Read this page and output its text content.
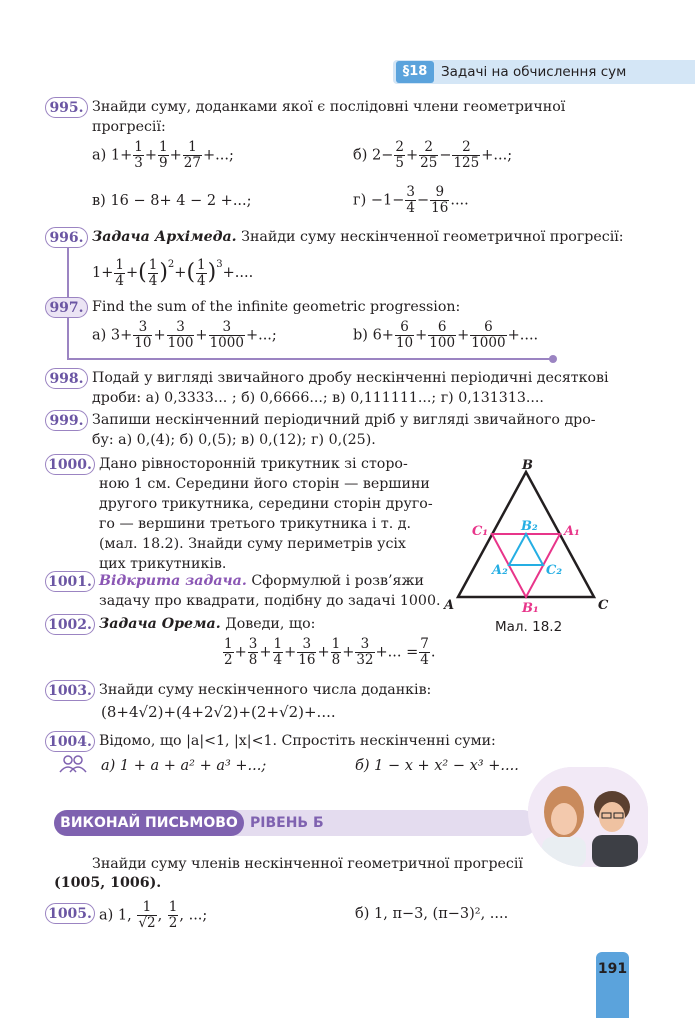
§18	Задачі на обчислення сум
995. Знайди суму, доданками якої є послідовні члени геометричної
прогресії:
а) $1+ \frac{1}{3} + \frac{1}{9} + \frac{1}{27}$ +...;	б) $2- \frac{2}{5} + \frac{2}{25} - \frac{2}{125}$ +...;
в) 16 − 8+ 4 − 2 +...;	$г) -1- \frac{3}{4} - \frac{9}{16}$ ....
996. Задача Архімеда. Знайди суму нескінченної геометричної прогресії:
$1+ \frac{1}{4}$ +( $\frac{1}{4} )^2+( \frac{1}{4} )^3+$....
997. Find the sum of the infinite geometric progression:
a) $3+ \frac{3}{10} + \frac{3}{100} + \frac{3}{1000}$ +...;	b) $6+ \frac{6}{10} + \frac{6}{100} + \frac{6}{1000}$ +....
998. Подай у вигляді звичайного дробу нескінченні періодичні десяткові
дроби: а) 0,3333... ; б) 0,6666...; в) 0,111111...; г) 0,131313....
999. Запиши нескінченний періодичний дріб у вигляді звичайного дро-
бу: а) 0,(4); б) 0,(5); в) 0,(12); г) 0,(25).
1000. Дано рівносторонній трикутник зі сторо-
ною 1 см. Середини його сторін — вершини
другого трикутника, середини сторін друго-
го — вершини третього трикутника і т. д.
(мал. 18.2). Знайди суму периметрів усіх
цих трикутників.
B
A	C
C₁	A₁
B₁
B₂
A₂	C₂
Мал. 18.2
1001. Відкрита задача. Сформулюй і розв’яжи
задачу про квадрати, подібну до задачі 1000.
1002. Задача Орема. Доведи, що:
$\frac{1}{2} + \frac{3}{8} + \frac{1}{4} + \frac{3}{16} + \frac{1}{8} + \frac{3}{32}$ +... = $\frac{7}{4}$ .
1003. Знайди суму нескінченного числа доданків:
(8+4√2)+(4+2√2)+(2+√2)+....
1004. Відомо, що |a|<1, |x|<1. Спростіть нескінченні суми:
а) 1 + a + a² + a³ +...;	б) 1 − x + x² − x³ +....
ВИКОНАЙ ПИСЬМОВО РІВЕНЬ Б
Знайди суму членів нескінченної геометричної прогресії
(1005, 1006).
1005. а) 1, $\frac{1}{√2}$ , $\frac{1}{2}$ , ...;	б) 1, π−3, (π−3)², ....
191
